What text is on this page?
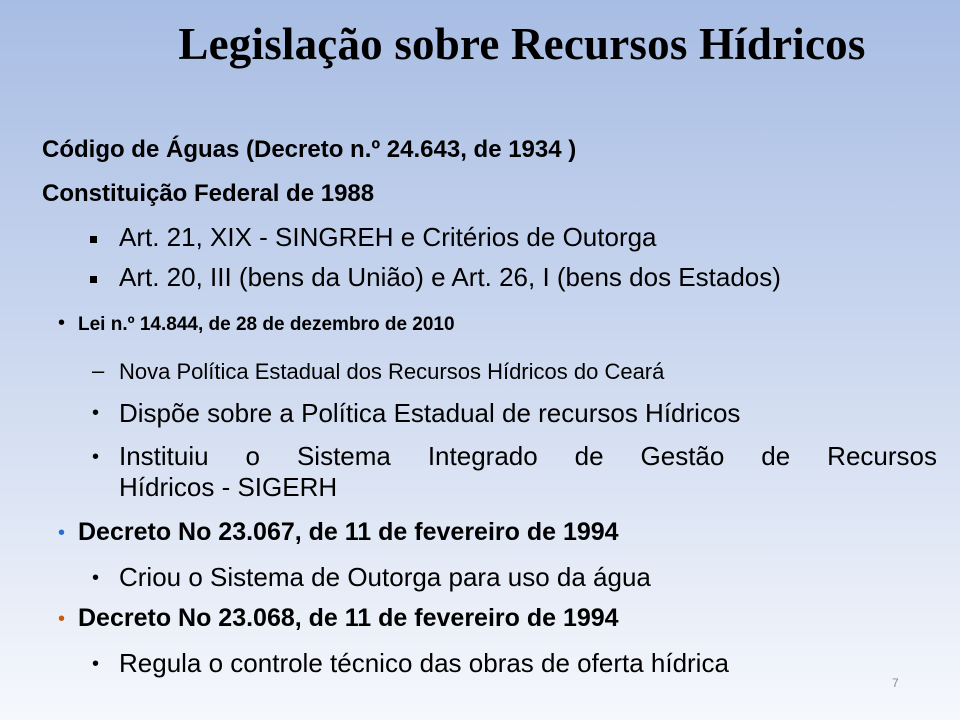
Legislação sobre Recursos Hídricos
Código de Águas (Decreto n.º 24.643, de 1934 )
Constituição Federal de 1988
Art. 21, XIX - SINGREH e Critérios de Outorga
Art. 20, III (bens da União) e Art. 26, I (bens dos Estados)
• Lei n.º 14.844, de 28 de dezembro de 2010
– Nova Política Estadual dos Recursos Hídricos do Ceará
• Dispõe sobre a Política Estadual de recursos Hídricos
• Instituiu o Sistema Integrado de Gestão de Recursos
Hídricos - SIGERH
• Decreto No 23.067, de 11 de fevereiro de 1994
• Criou o Sistema de Outorga para uso da água
• Decreto No 23.068, de 11 de fevereiro de 1994
• Regula o controle técnico das obras de oferta hídrica
7
